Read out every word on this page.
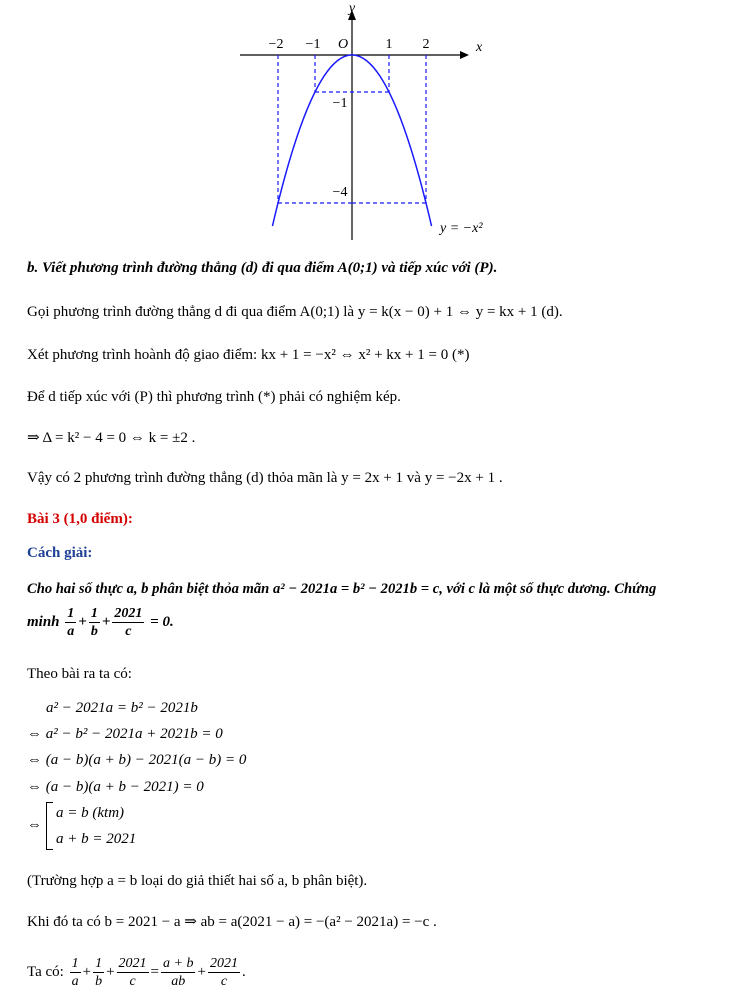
y
x
O
−2 −1	1 2
−1
−4
y = −x²
b. Viết phương trình đường thẳng (d) đi qua điểm A(0;1) và tiếp xúc với (P).
Gọi phương trình đường thẳng d đi qua điểm A(0;1) là y = k(x − 0) + 1 ⇔ y = kx + 1 (d).
Xét phương trình hoành độ giao điểm: kx + 1 = −x² ⇔ x² + kx + 1 = 0 (*)
Để d tiếp xúc với (P) thì phương trình (*) phải có nghiệm kép.
⇒ Δ = k² − 4 = 0 ⇔ k = ±2 .
Vậy có 2 phương trình đường thẳng (d) thỏa mãn là y = 2x + 1 và y = −2x + 1 .
Bài 3 (1,0 điểm):
Cách giải:
Cho hai số thực a, b phân biệt thỏa mãn a² − 2021a = b² − 2021b = c, với c là một số thực dương. Chứng
minh $\frac{1}{a} + \frac{1}{b} + \frac{2021}{c} = 0$.
Theo bài ra ta có:
a² − 2021a = b² − 2021b
⇔ a² − b² − 2021a + 2021b = 0
⇔ (a − b)(a + b) − 2021(a − b) = 0
⇔ (a − b)(a + b − 2021) = 0
⇔
a = b (ktm)
a + b = 2021
(Trường hợp a = b loại do giả thiết hai số a, b phân biệt).
Khi đó ta có b = 2021 − a ⇒ ab = a(2021 − a) = −(a² − 2021a) = −c .
Ta có: $\frac{1}{a} + \frac{1}{b} + \frac{2021}{c} = \frac{a + b}{ab} + \frac{2021}{c}$ .
